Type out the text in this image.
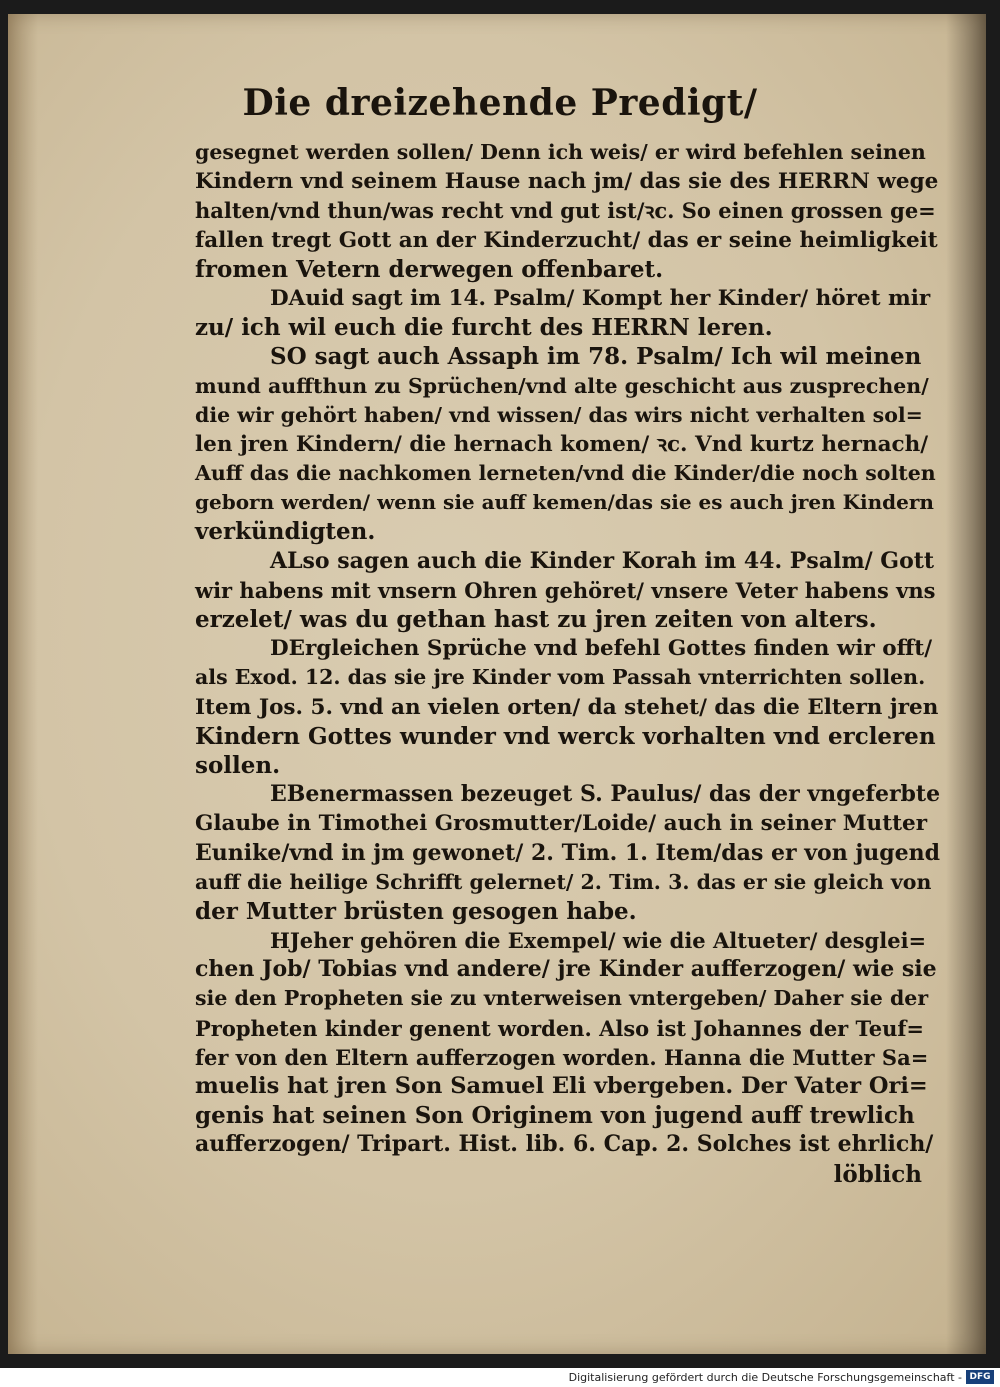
Die dreizehende Predigt/
gesegnet werden sollen/ Denn ich weis/ er wird befehlen seinen
Kindern vnd seinem Hause nach jm/ das sie des HERRN wege
halten/vnd thun/was recht vnd gut ist/ꝛc. So einen grossen ge=
fallen tregt Gott an der Kinderzucht/ das er seine heimligkeit
fromen Vetern derwegen offenbaret.
DAuid sagt im 14. Psalm/ Kompt her Kinder/ höret mir
zu/ ich wil euch die furcht des HERRN leren.
SO sagt auch Assaph im 78. Psalm/ Ich wil meinen
mund auffthun zu Sprüchen/vnd alte geschicht aus zusprechen/
die wir gehört haben/ vnd wissen/ das wirs nicht verhalten sol=
len jren Kindern/ die hernach komen/ ꝛc. Vnd kurtz hernach/
Auff das die nachkomen lerneten/vnd die Kinder/die noch solten
geborn werden/ wenn sie auff kemen/das sie es auch jren Kindern
verkündigten.
ALso sagen auch die Kinder Korah im 44. Psalm/ Gott
wir habens mit vnsern Ohren gehöret/ vnsere Veter habens vns
erzelet/ was du gethan hast zu jren zeiten von alters.
DErgleichen Sprüche vnd befehl Gottes finden wir offt/
als Exod. 12. das sie jre Kinder vom Passah vnterrichten sollen.
Item Jos. 5. vnd an vielen orten/ da stehet/ das die Eltern jren
Kindern Gottes wunder vnd werck vorhalten vnd ercleren
sollen.
EBenermassen bezeuget S. Paulus/ das der vngeferbte
Glaube in Timothei Grosmutter/Loide/ auch in seiner Mutter
Eunike/vnd in jm gewonet/ 2. Tim. 1. Item/das er von jugend
auff die heilige Schrifft gelernet/ 2. Tim. 3. das er sie gleich von
der Mutter brüsten gesogen habe.
HJeher gehören die Exempel/ wie die Altueter/ desglei=
chen Job/ Tobias vnd andere/ jre Kinder aufferzogen/ wie sie
sie den Propheten sie zu vnterweisen vntergeben/ Daher sie der
Propheten kinder genent worden. Also ist Johannes der Teuf=
fer von den Eltern aufferzogen worden. Hanna die Mutter Sa=
muelis hat jren Son Samuel Eli vbergeben. Der Vater Ori=
genis hat seinen Son Originem von jugend auff trewlich
aufferzogen/ Tripart. Hist. lib. 6. Cap. 2. Solches ist ehrlich/
löblich
Digitalisierung gefördert durch die Deutsche Forschungsgemeinschaft - DFG
